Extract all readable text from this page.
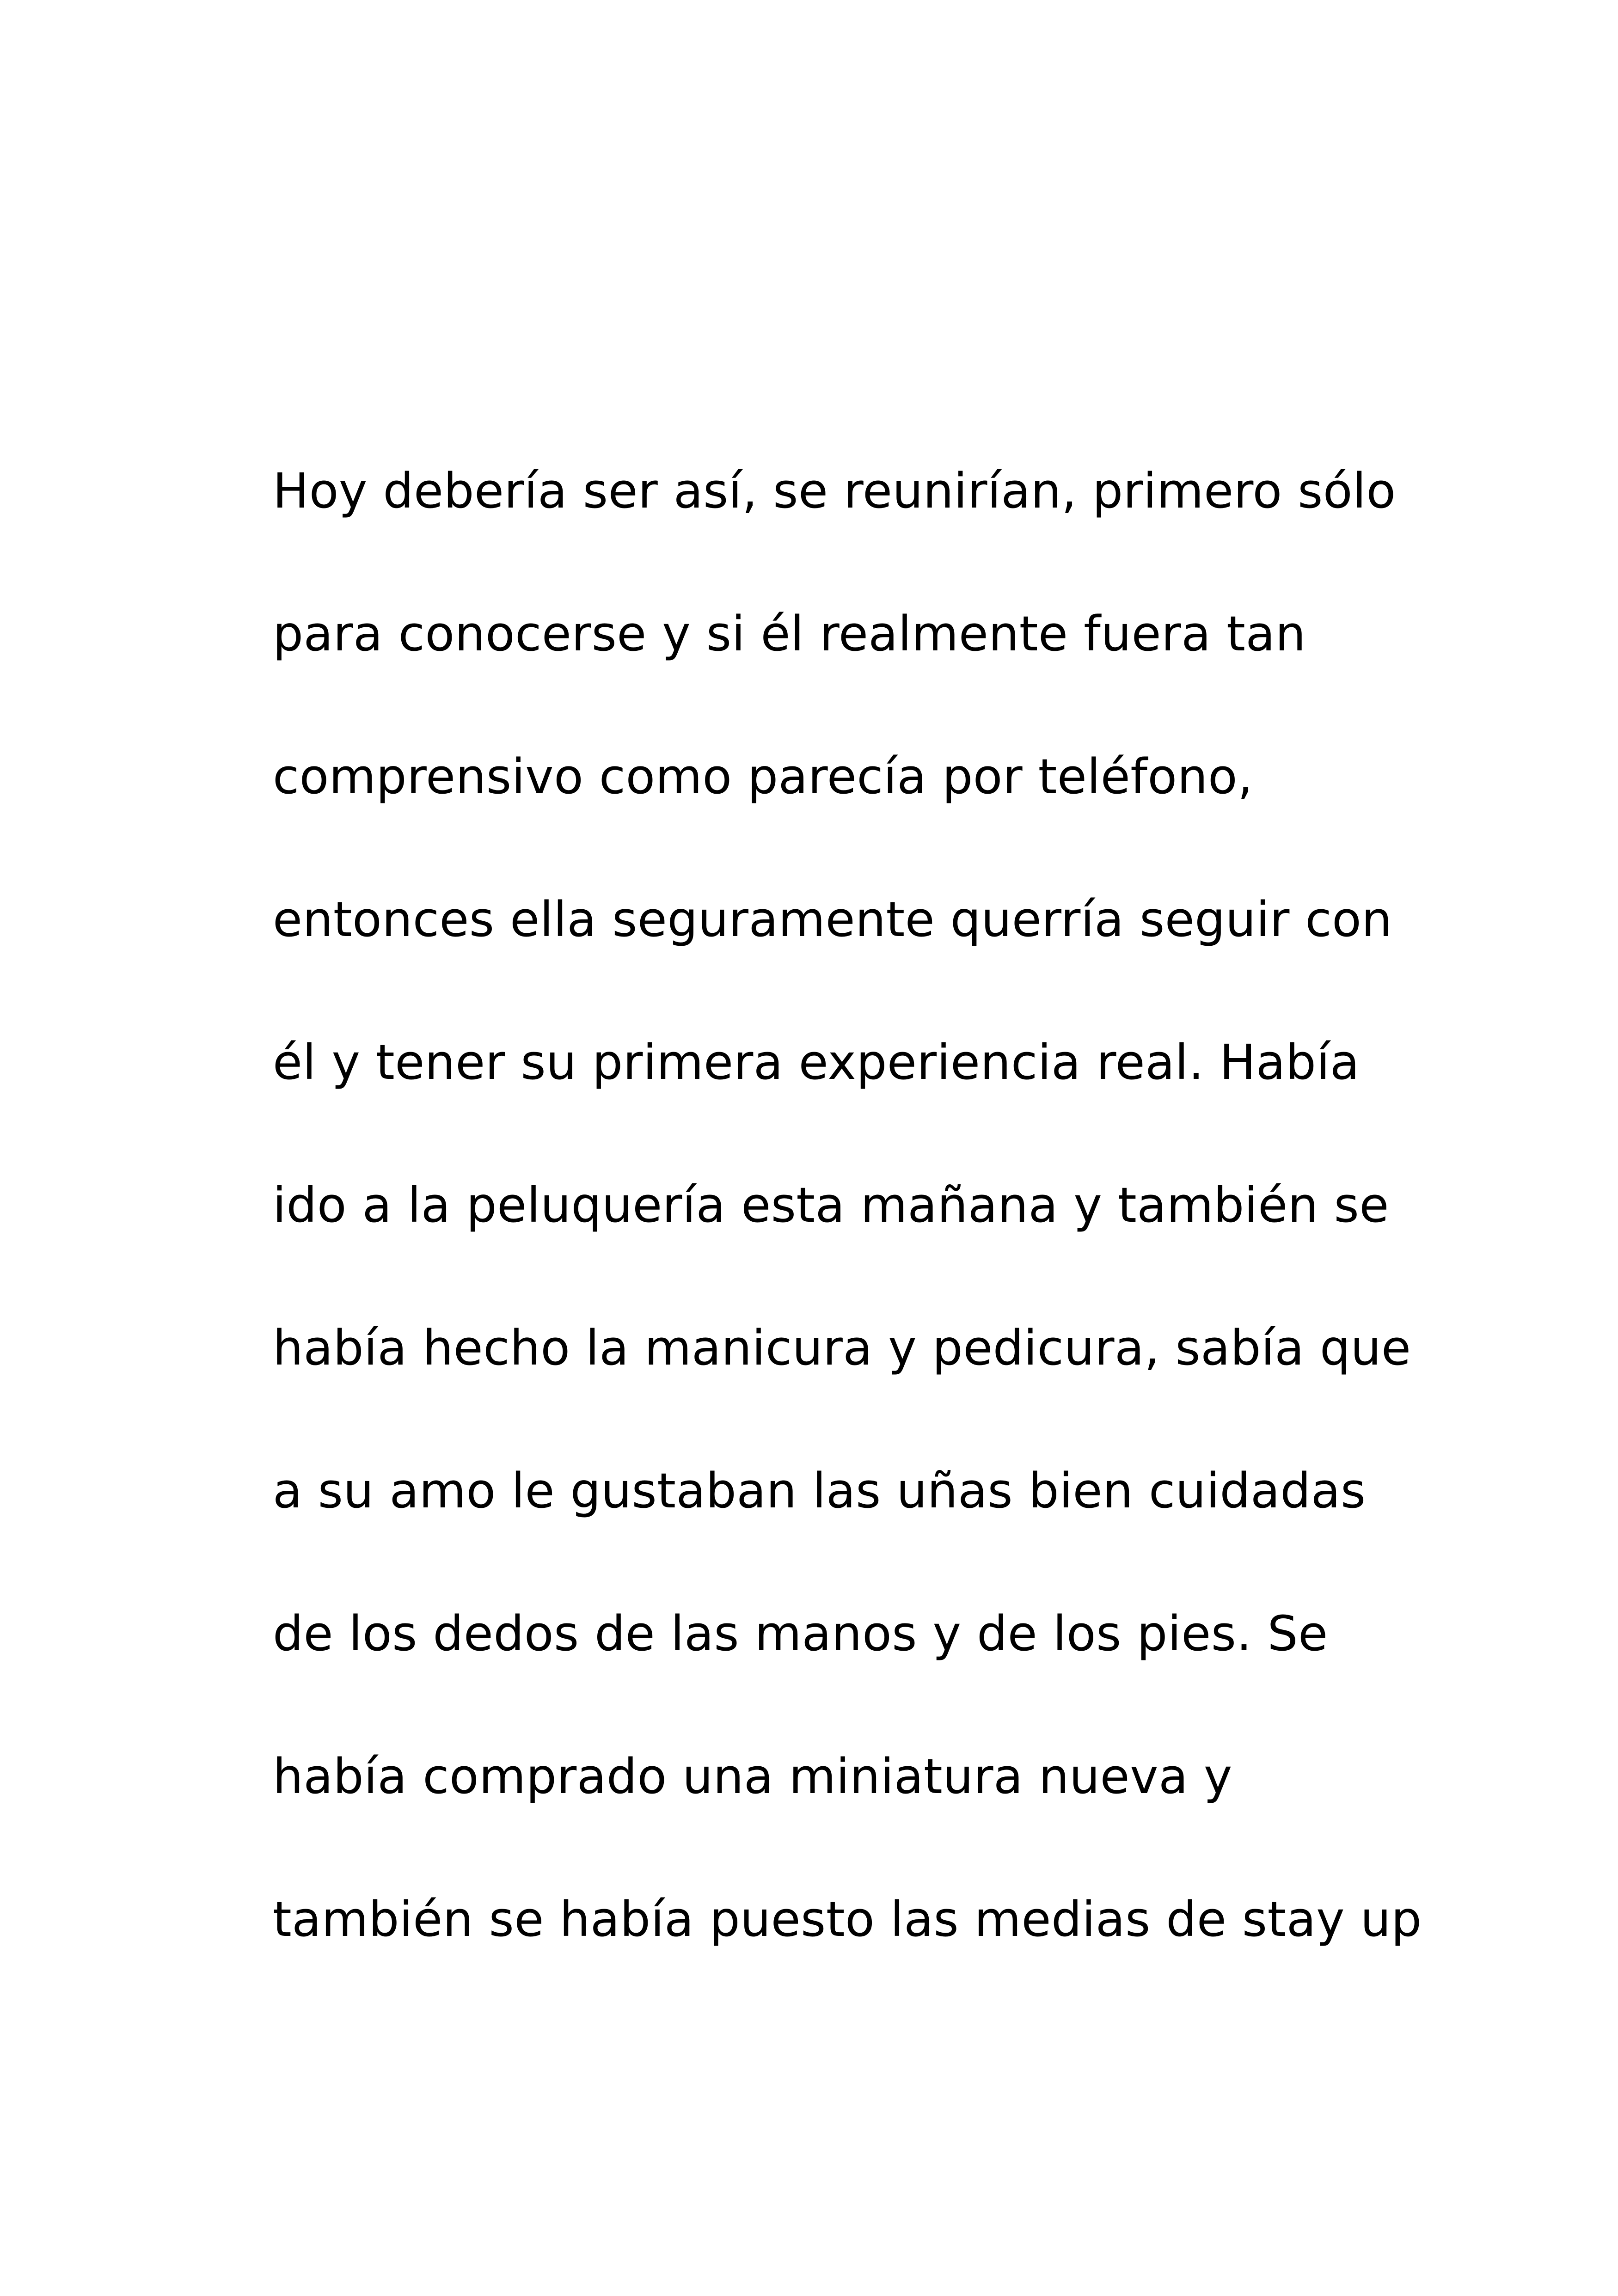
Hoy debería ser así, se reunirían, primero sólo
para conocerse y si él realmente fuera tan
comprensivo como parecía por teléfono,
entonces ella seguramente querría seguir con
él y tener su primera experiencia real. Había
ido a la peluquería esta mañana y también se
había hecho la manicura y pedicura, sabía que
a su amo le gustaban las uñas bien cuidadas
de los dedos de las manos y de los pies. Se
había comprado una miniatura nueva y
también se había puesto las medias de stay up
